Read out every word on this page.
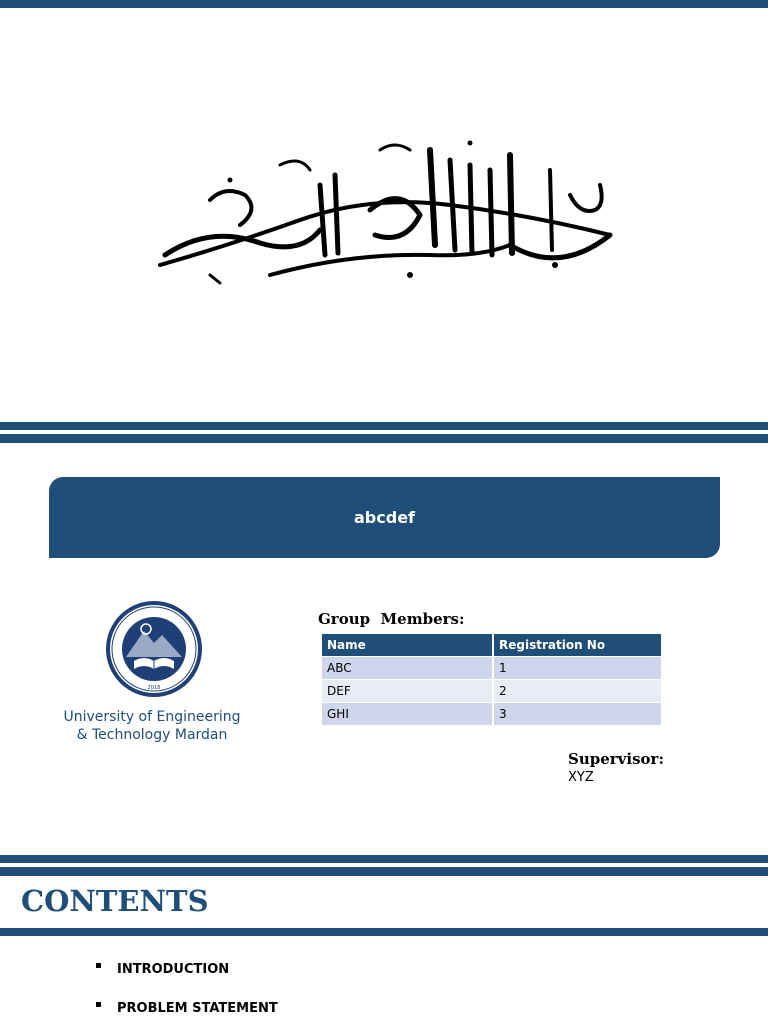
abcdef
2018
University of Engineering
& Technology Mardan
Group  Members:
Name	Registration No
ABC	1
DEF	2
GHI	3
Supervisor:
XYZ
CONTENTS
INTRODUCTION
PROBLEM STATEMENT
